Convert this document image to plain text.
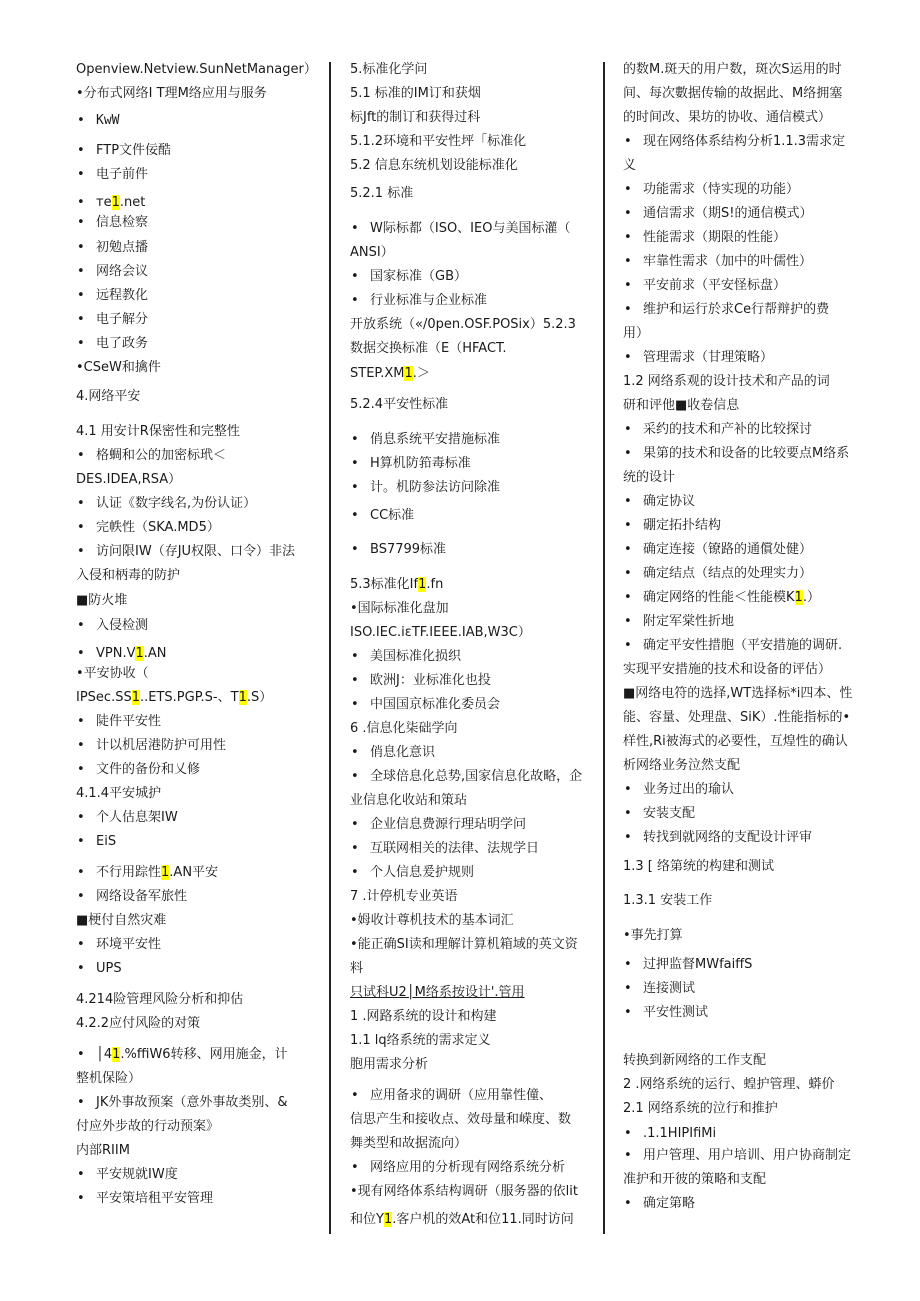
Openview.Netview.SunNetManager）
•分布式网络I T理M络应用与服务
• KwW
• FTP文件佞酷
• 电子前件
• тe1.net
• 信息检察
• 初勉点播
• 网络会议
• 远程教化
• 电子解分
• 电了政务
•CSeW和擒件
4.网络平安
4.1 用安计R保密性和完整性
• 格蜩和公的加密标玳＜
DES.IDEA,RSA）
• 认证《数字线名,为份认证）
• 完帙性（SKA.MD5）
• 访问限IW（存JU权限、口令）非法
入侵和柄毒的防护
■防火堆
• 入侵检测
• VPN.V1.AN
•平安协收（
IPSec.SS1..ETS.PGP.S-、T1.S）
• 陡件平安性
• 计以机居港防护可用性
• 文件的备份和乂修
4.1.4平安城护
• 个人估息架IW
• EiS
• 不行用踪性1.AN平安
• 网络设备军旅性
■梗付自然灾难
• 环境平安性
• UPS
4.214险管理风险分析和抑估
4.2.2应付风险的对策
• │41.%ffiW6转移、网用施金，计
整机保险）
• JK外事故预案（意外事故类别、&
付应外步故的行动预案》
内部RIIM
• 平安规就IW度
• 平安策培租平安管理
5.标准化学问
5.1 标准的IM订和获烟
标Jft的制订和获得过科
5.1.2环境和平安性坪「标准化
5.2 信息东统机划设能标准化
5.2.1 标准
• W际标都（ISO、IEO与美国标灌（
ANSI）
• 国家标准（GB）
• 行业标准与企业标准
开放系统（«/0pen.OSF.POSix）5.2.3
数据交换标准（E（HFACT.
STEP.XM1.＞
5.2.4平安性标准
• 俏息系统平安措施标准
• H算机防筘毒标准
• 计。机防参法访问除准
• CC标准
• BS7799标准
5.3标准化If1.fn
•国际标准化盘加
ISO.IEC.iεTF.IEEE.IAB,W3C）
• 美国标准化损织
• 欧洲J：业标准化也投
• 中国国京标准化委员会
6 .信息化柒础学向
• 俏息化意识
• 全球倍息化总势,国家信息化故略，企
业信息化收站和策玷
• 企业信息费源行理玷明学问
• 互联网相关的法律、法规学日
• 个人信息爰护规则
7 .计停机专业英语
•姆收计尊机技术的基本词汇
•能正确SI读和理解计算机箱域的英文资
料
只试科U2│M络系按设计'.管用
1 .网路系统的设计和构建
1.1 lq络系统的需求定义
胞用需求分析
• 应用备求的调研（应用靠性僮、
信思产生和接收点、效母量和嵘度、数
舞类型和故据流向）
• 网络应用的分析现有网络系统分析
•现有网络体系结构调研（服务器的依lit
和位Y1.客户机的效At和位11.同时访问
的数M.斑天的用户数，斑次S运用的时
间、每次數据传输的故据此、M络拥塞
的时间改、果坊的协收、通信模式）
• 现在网络体系结构分析1.1.3需求定
义
• 功能需求（恃实现的功能）
• 通信需求（期S!的通信模式）
• 性能需求（期限的性能）
• 牢靠性需求（加中的叶儒性）
• 平安前求（平安怪标盘）
• 维护和运行於求Ce行帮辩护的费
用）
• 管理需求（甘理策略）
1.2 网络系观的设计技术和产品的词
研和评他■收卷信息
• 采约的技术和产补的比较探讨
• 果第的技术和设备的比较要点M络系
统的设计
• 确定协议
• 硼定拓扑结构
• 确定连接（镣路的通償处健）
• 确定结点（结点的处理实力）
• 确定网络的性能＜性能模K1.）
• 附定军棠性折地
• 确定平安性措胞（平安措施的调研.
实现平安措施的技术和设备的评估）
■网络电符的选择,WT选择标*i四本、性
能、容量、处理盘、SiK）.性能指标的•
样性,Ri被海式的必要性，互煌性的确认
析网络业务泣然支配
• 业务过出的瑜认
• 安装支配
• 转找到就网络的支配设计评审
1.3 [ 络第统的构建和测试
1.3.1 安装工作
•事先打算
• 过押监督MWfaiffS
• 连接测试
• 平安性测试
转换到新网络的工作支配
2 .网络系统的运行、蝗护管理、蟒价
2.1 网络系统的泣行和推护
• .1.1HIPIfiMi
• 用户管理、用户培训、用户协商制定
准护和开彼的策略和支配
• 确定第略
